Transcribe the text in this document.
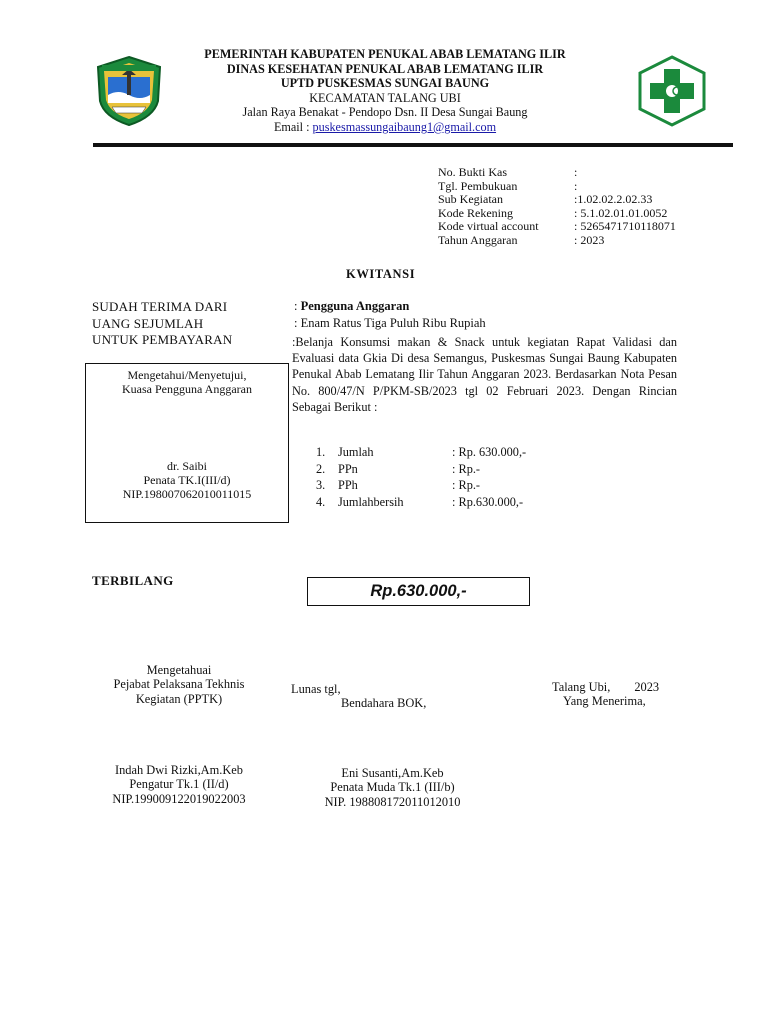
PEMERINTAH KABUPATEN PENUKAL ABAB LEMATANG ILIR
DINAS KESEHATAN PENUKAL ABAB LEMATANG ILIR
UPTD PUSKESMAS SUNGAI BAUNG
KECAMATAN TALANG UBI
Jalan Raya Benakat - Pendopo Dsn. II Desa Sungai Baung
Email : puskesmassungaibaung1@gmail.com
No. Bukti Kas	:
Tgl. Pembukuan	:
Sub Kegiatan	:1.02.02.2.02.33
Kode Rekening	: 5.1.02.01.01.0052
Kode virtual account	: 5265471710118071
Tahun Anggaran	: 2023
KWITANSI
SUDAH TERIMA DARI	: Pengguna Anggaran
UANG SEJUMLAH	: Enam Ratus Tiga Puluh Ribu Rupiah
UNTUK PEMBAYARAN	:Belanja Konsumsi makan & Snack untuk kegiatan Rapat Validasi dan Evaluasi data Gkia Di desa Semangus, Puskesmas Sungai Baung Kabupaten Penukal Abab Lematang Ilir Tahun Anggaran 2023. Berdasarkan Nota Pesan No. 800/47/N P/PKM-SB/2023 tgl 02 Februari 2023. Dengan Rincian Sebagai Berikut :
1.	Jumlah	: Rp. 630.000,-
2.	PPn	: Rp.-
3.	PPh	: Rp.-
4.	Jumlahbersih	: Rp.630.000,-
Mengetahui/Menyetujui,
Kuasa Pengguna Anggaran
dr. Saibi
Penata TK.I(III/d)
NIP.198007062010011015
TERBILANG
Rp.630.000,-
Mengetahuai
Pejabat Pelaksana Tekhnis
Kegiatan (PPTK)
Indah Dwi Rizki,Am.Keb
Pengatur Tk.1 (II/d)
NIP.199009122019022003
Lunas tgl,
Bendahara BOK,
Eni Susanti,Am.Keb
Penata Muda Tk.1 (III/b)
NIP. 198808172011012010
Talang Ubi, 2023
Yang Menerima,
